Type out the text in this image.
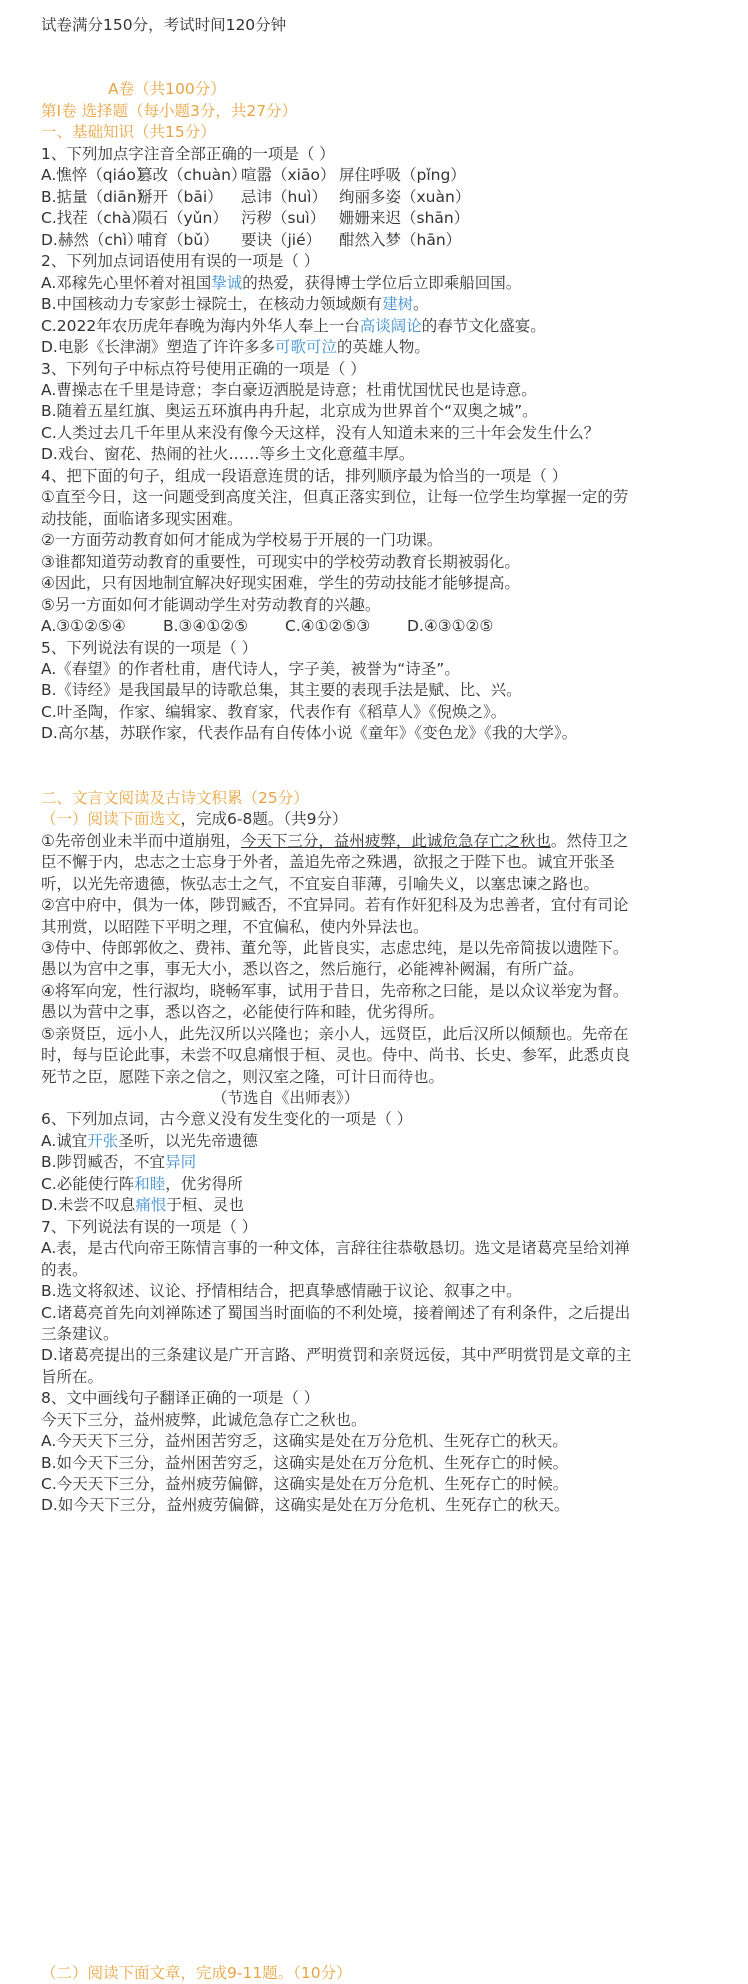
试卷满分150分，考试时间120分钟
A卷（共100分）
第Ⅰ卷 选择题（每小题3分，共27分）
一、基础知识（共15分）
1、下列加点字注音全部正确的一项是（ ）
A.憔悴（qiáo）篡改（chuàn）喧嚣（xiāo） 屏住呼吸（pǐng）
B.掂量（diān）掰开（bāi） 忌讳（huì） 绚丽多姿（xuàn）
C.找茬（chà）陨石（yǔn） 污秽（suì） 姗姗来迟（shān）
D.赫然（chì）哺育（bǔ） 要诀（jié） 酣然入梦（hān）
2、下列加点词语使用有误的一项是（ ）
A.邓稼先心里怀着对祖国挚诚的热爱，获得博士学位后立即乘船回国。
B.中国核动力专家彭士禄院士，在核动力领域颇有建树。
C.2022年农历虎年春晚为海内外华人奉上一台高谈阔论的春节文化盛宴。
D.电影《长津湖》塑造了许许多多可歌可泣的英雄人物。
3、下列句子中标点符号使用正确的一项是（ ）
A.曹操志在千里是诗意；李白豪迈洒脱是诗意；杜甫忧国忧民也是诗意。
B.随着五星红旗、奥运五环旗冉冉升起，北京成为世界首个“双奥之城”。
C.人类过去几千年里从来没有像今天这样，没有人知道未来的三十年会发生什么？
D.戏台、窗花、热闹的社火……等乡土文化意蕴丰厚。
4、把下面的句子，组成一段语意连贯的话，排列顺序最为恰当的一项是（ ）
①直至今日，这一问题受到高度关注，但真正落实到位，让每一位学生均掌握一定的劳
动技能，面临诸多现实困难。
②一方面劳动教育如何才能成为学校易于开展的一门功课。
③谁都知道劳动教育的重要性，可现实中的学校劳动教育长期被弱化。
④因此，只有因地制宜解决好现实困难，学生的劳动技能才能够提高。
⑤另一方面如何才能调动学生对劳动教育的兴趣。
A.③①②⑤④ B.③④①②⑤ C.④①②⑤③ D.④③①②⑤
5、下列说法有误的一项是（ ）
A.《春望》的作者杜甫，唐代诗人，字子美，被誉为“诗圣”。
B.《诗经》是我国最早的诗歌总集，其主要的表现手法是赋、比、兴。
C.叶圣陶，作家、编辑家、教育家，代表作有《稻草人》《倪焕之》。
D.高尔基，苏联作家，代表作品有自传体小说《童年》《变色龙》《我的大学》。
二、文言文阅读及古诗文积累（25分）
（一）阅读下面选文，完成6-8题。（共9分）
①先帝创业未半而中道崩殂，今天下三分，益州疲弊，此诚危急存亡之秋也。然侍卫之
臣不懈于内，忠志之士忘身于外者，盖追先帝之殊遇，欲报之于陛下也。诚宜开张圣
听，以光先帝遗德，恢弘志士之气，不宜妄自菲薄，引喻失义，以塞忠谏之路也。
②宫中府中，俱为一体，陟罚臧否，不宜异同。若有作奸犯科及为忠善者，宜付有司论
其刑赏，以昭陛下平明之理，不宜偏私，使内外异法也。
③侍中、侍郎郭攸之、费祎、董允等，此皆良实，志虑忠纯，是以先帝简拔以遗陛下。
愚以为宫中之事，事无大小，悉以咨之，然后施行，必能裨补阙漏，有所广益。
④将军向宠，性行淑均，晓畅军事，试用于昔日，先帝称之曰能，是以众议举宠为督。
愚以为营中之事，悉以咨之，必能使行阵和睦，优劣得所。
⑤亲贤臣，远小人，此先汉所以兴隆也；亲小人，远贤臣，此后汉所以倾颓也。先帝在
时，每与臣论此事，未尝不叹息痛恨于桓、灵也。侍中、尚书、长史、参军，此悉贞良
死节之臣，愿陛下亲之信之，则汉室之隆，可计日而待也。
（节选自《出师表》）
6、下列加点词，古今意义没有发生变化的一项是（ ）
A.诚宜开张圣听，以光先帝遗德
B.陟罚臧否，不宜异同
C.必能使行阵和睦，优劣得所
D.未尝不叹息痛恨于桓、灵也
7、下列说法有误的一项是（ ）
A.表，是古代向帝王陈情言事的一种文体，言辞往往恭敬恳切。选文是诸葛亮呈给刘禅
的表。
B.选文将叙述、议论、抒情相结合，把真挚感情融于议论、叙事之中。
C.诸葛亮首先向刘禅陈述了蜀国当时面临的不利处境，接着阐述了有利条件，之后提出
三条建议。
D.诸葛亮提出的三条建议是广开言路、严明赏罚和亲贤远佞，其中严明赏罚是文章的主
旨所在。
8、文中画线句子翻译正确的一项是（ ）
今天下三分，益州疲弊，此诚危急存亡之秋也。
A.今天天下三分，益州困苦穷乏，这确实是处在万分危机、生死存亡的秋天。
B.如今天下三分，益州困苦穷乏，这确实是处在万分危机、生死存亡的时候。
C.今天天下三分，益州疲劳偏僻，这确实是处在万分危机、生死存亡的时候。
D.如今天下三分，益州疲劳偏僻，这确实是处在万分危机、生死存亡的秋天。
（二）阅读下面文章，完成9-11题。（10分）
